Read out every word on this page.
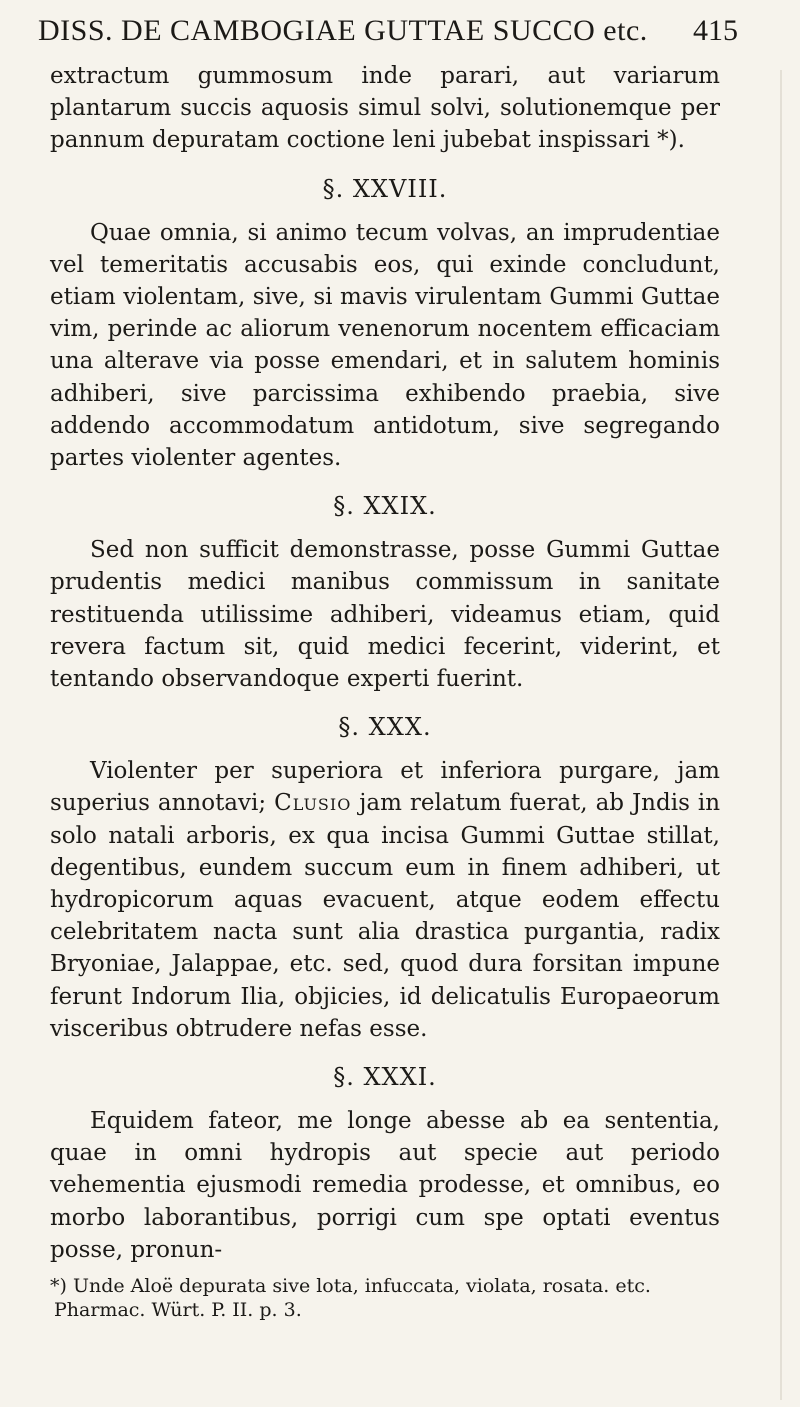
DISS. DE CAMBOGIAE GUTTAE SUCCO etc. 415

extractum gummosum inde parari, aut variarum plantarum succis aquosis simul solvi, solutionemque per pannum depuratam coctione leni jubebat inspissari *).

§. XXVIII.

Quae omnia, si animo tecum volvas, an imprudentiae vel temeritatis accusabis eos, qui exinde concludunt, etiam violentam, sive, si mavis virulentam Gummi Guttae vim, perinde ac aliorum venenorum nocentem efficaciam una alterave via posse emendari, et in salutem hominis adhiberi, sive parcissima exhibendo praebia, sive addendo accommodatum antidotum, sive segregando partes violenter agentes.

§. XXIX.

Sed non sufficit demonstrasse, posse Gummi Guttae prudentis medici manibus commissum in sanitate restituenda utilissime adhiberi, videamus etiam, quid revera factum sit, quid medici fecerint, viderint, et tentando observandoque experti fuerint.

§. XXX.

Violenter per superiora et inferiora purgare, jam superius annotavi; Clusio jam relatum fuerat, ab Jndis in solo natali arboris, ex qua incisa Gummi Guttae stillat, degentibus, eundem succum eum in finem adhiberi, ut hydropicorum aquas evacuent, atque eodem effectu celebritatem nacta sunt alia drastica purgantia, radix Bryoniae, Jalappae, etc. sed, quod dura forsitan impune ferunt Indorum Ilia, objicies, id delicatulis Europaeorum visceribus obtrudere nefas esse.

§. XXXI.

Equidem fateor, me longe abesse ab ea sententia, quae in omni hydropis aut specie aut periodo vehementia ejusmodi remedia prodesse, et omnibus, eo morbo laborantibus, porrigi cum spe optati eventus posse, pronun-

*) Unde Aloë depurata sive lota, infuccata, violata, rosata. etc.
Pharmac. Würt. P. II. p. 3.
